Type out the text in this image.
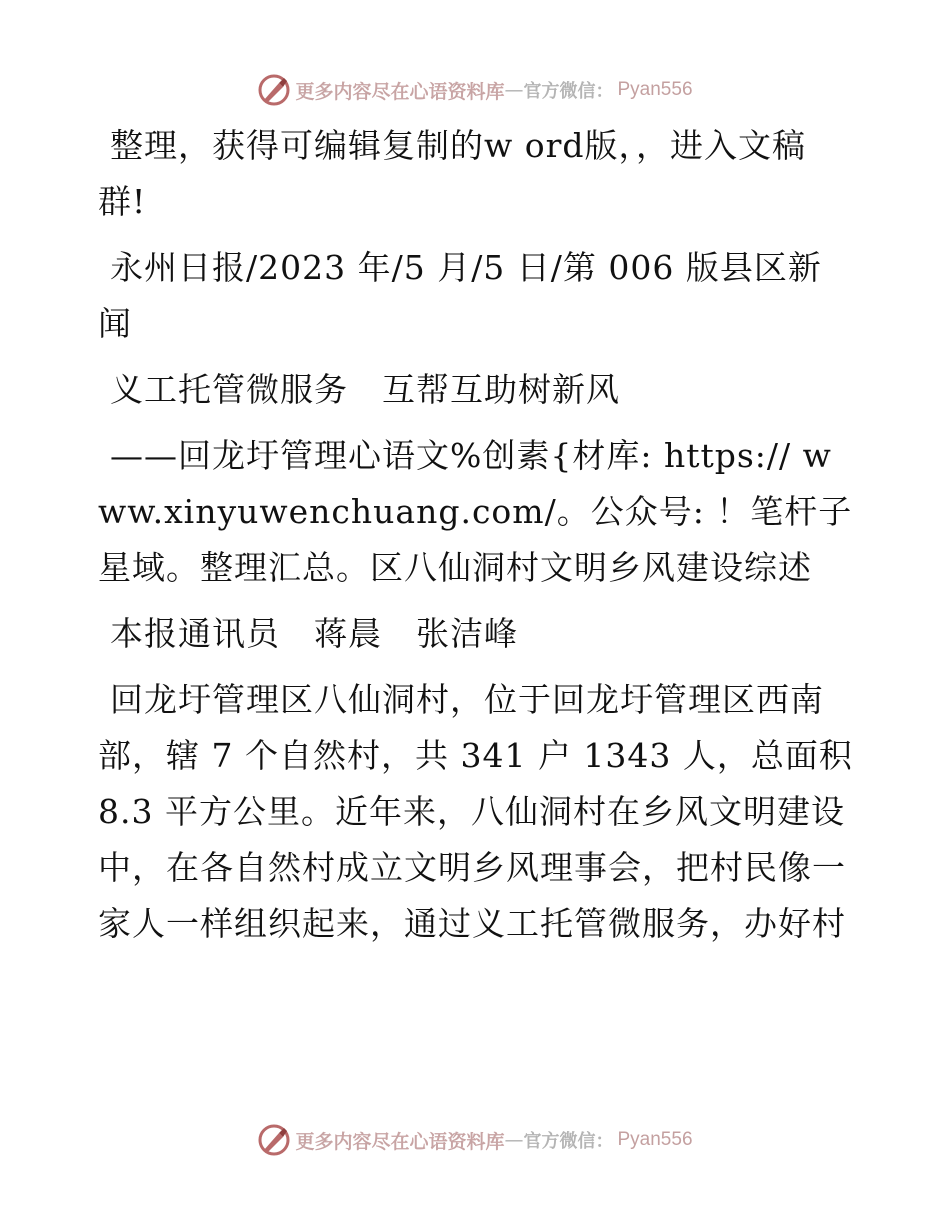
更多内容尽在心语资料库 — 官方微信： Pyan556

整理，获得可编辑复制的w ord版，，进入文稿群!

永州日报/2023 年/5 月/5 日/第 006 版县区新闻

义工托管微服务　互帮互助树新风

——回龙圩管理心语文%创素{材库: https:// www.xinyuwenchuang.com/。公众号: ！笔杆子星域。整理汇总。区八仙洞村文明乡风建设综述

本报通讯员　蒋晨　张洁峰

回龙圩管理区八仙洞村，位于回龙圩管理区西南部，辖 7 个自然村，共 341 户 1343 人，总面积 8.3 平方公里。近年来，八仙洞村在乡风文明建设中，在各自然村成立文明乡风理事会，把村民像一家人一样组织起来，通过义工托管微服务，办好村

更多内容尽在心语资料库 — 官方微信： Pyan556
